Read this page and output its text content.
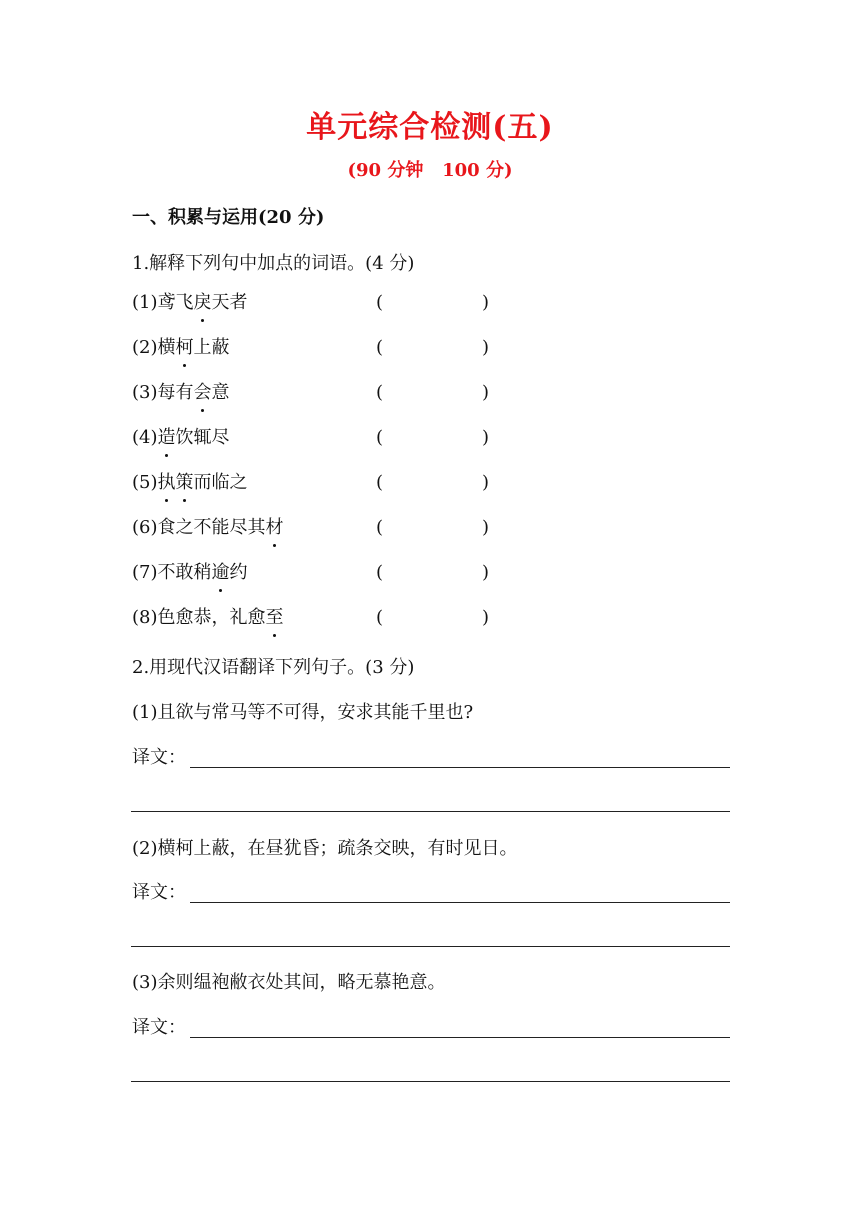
单元综合检测(五)
(90 分钟   100 分)
一、积累与运用(20 分)
1.解释下列句中加点的词语。(4 分)
(1)鸢飞戾天者	(	)
(2)横柯上蔽	(	)
(3)每有会意	(	)
(4)造饮辄尽	(	)
(5)执策而临之	(	)
(6)食之不能尽其材	(	)
(7)不敢稍逾约	(	)
(8)色愈恭，礼愈至	(	)
2.用现代汉语翻译下列句子。(3 分)
(1)且欲与常马等不可得，安求其能千里也?
译文：
(2)横柯上蔽，在昼犹昏；疏条交映，有时见日。
译文：
(3)余则缊袍敝衣处其间，略无慕艳意。
译文：
